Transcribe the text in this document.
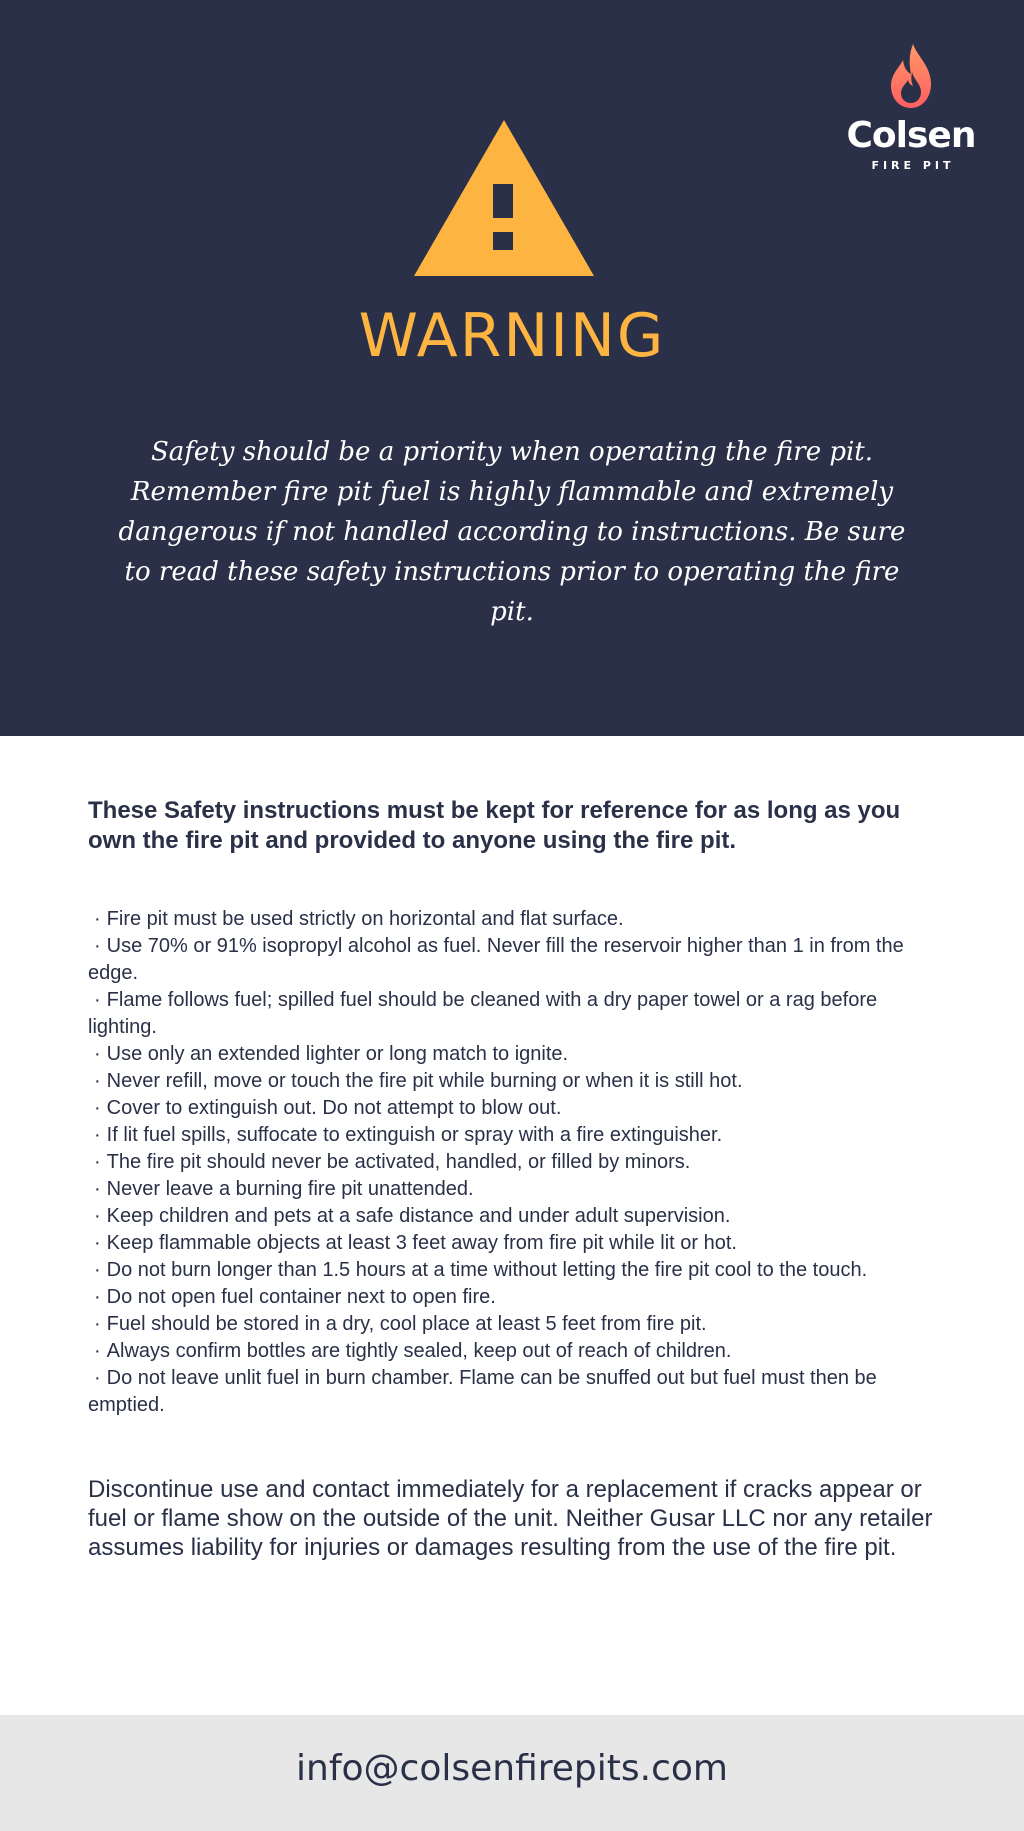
Colsen
FIRE PIT
WARNING

Safety should be a priority when operating the fire pit. Remember fire pit fuel is highly flammable and extremely dangerous if not handled according to instructions. Be sure to read these safety instructions prior to operating the fire pit.

These Safety instructions must be kept for reference for as long as you own the fire pit and provided to anyone using the fire pit.

· Fire pit must be used strictly on horizontal and flat surface.
· Use 70% or 91% isopropyl alcohol as fuel. Never fill the reservoir higher than 1 in from the edge.
· Flame follows fuel; spilled fuel should be cleaned with a dry paper towel or a rag before lighting.
· Use only an extended lighter or long match to ignite.
· Never refill, move or touch the fire pit while burning or when it is still hot.
· Cover to extinguish out. Do not attempt to blow out.
· If lit fuel spills, suffocate to extinguish or spray with a fire extinguisher.
· The fire pit should never be activated, handled, or filled by minors.
· Never leave a burning fire pit unattended.
· Keep children and pets at a safe distance and under adult supervision.
· Keep flammable objects at least 3 feet away from fire pit while lit or hot.
· Do not burn longer than 1.5 hours at a time without letting the fire pit cool to the touch.
· Do not open fuel container next to open fire.
· Fuel should be stored in a dry, cool place at least 5 feet from fire pit.
· Always confirm bottles are tightly sealed, keep out of reach of children.
· Do not leave unlit fuel in burn chamber. Flame can be snuffed out but fuel must then be emptied.

Discontinue use and contact immediately for a replacement if cracks appear or fuel or flame show on the outside of the unit. Neither Gusar LLC nor any retailer assumes liability for injuries or damages resulting from the use of the fire pit.

info@colsenfirepits.com
